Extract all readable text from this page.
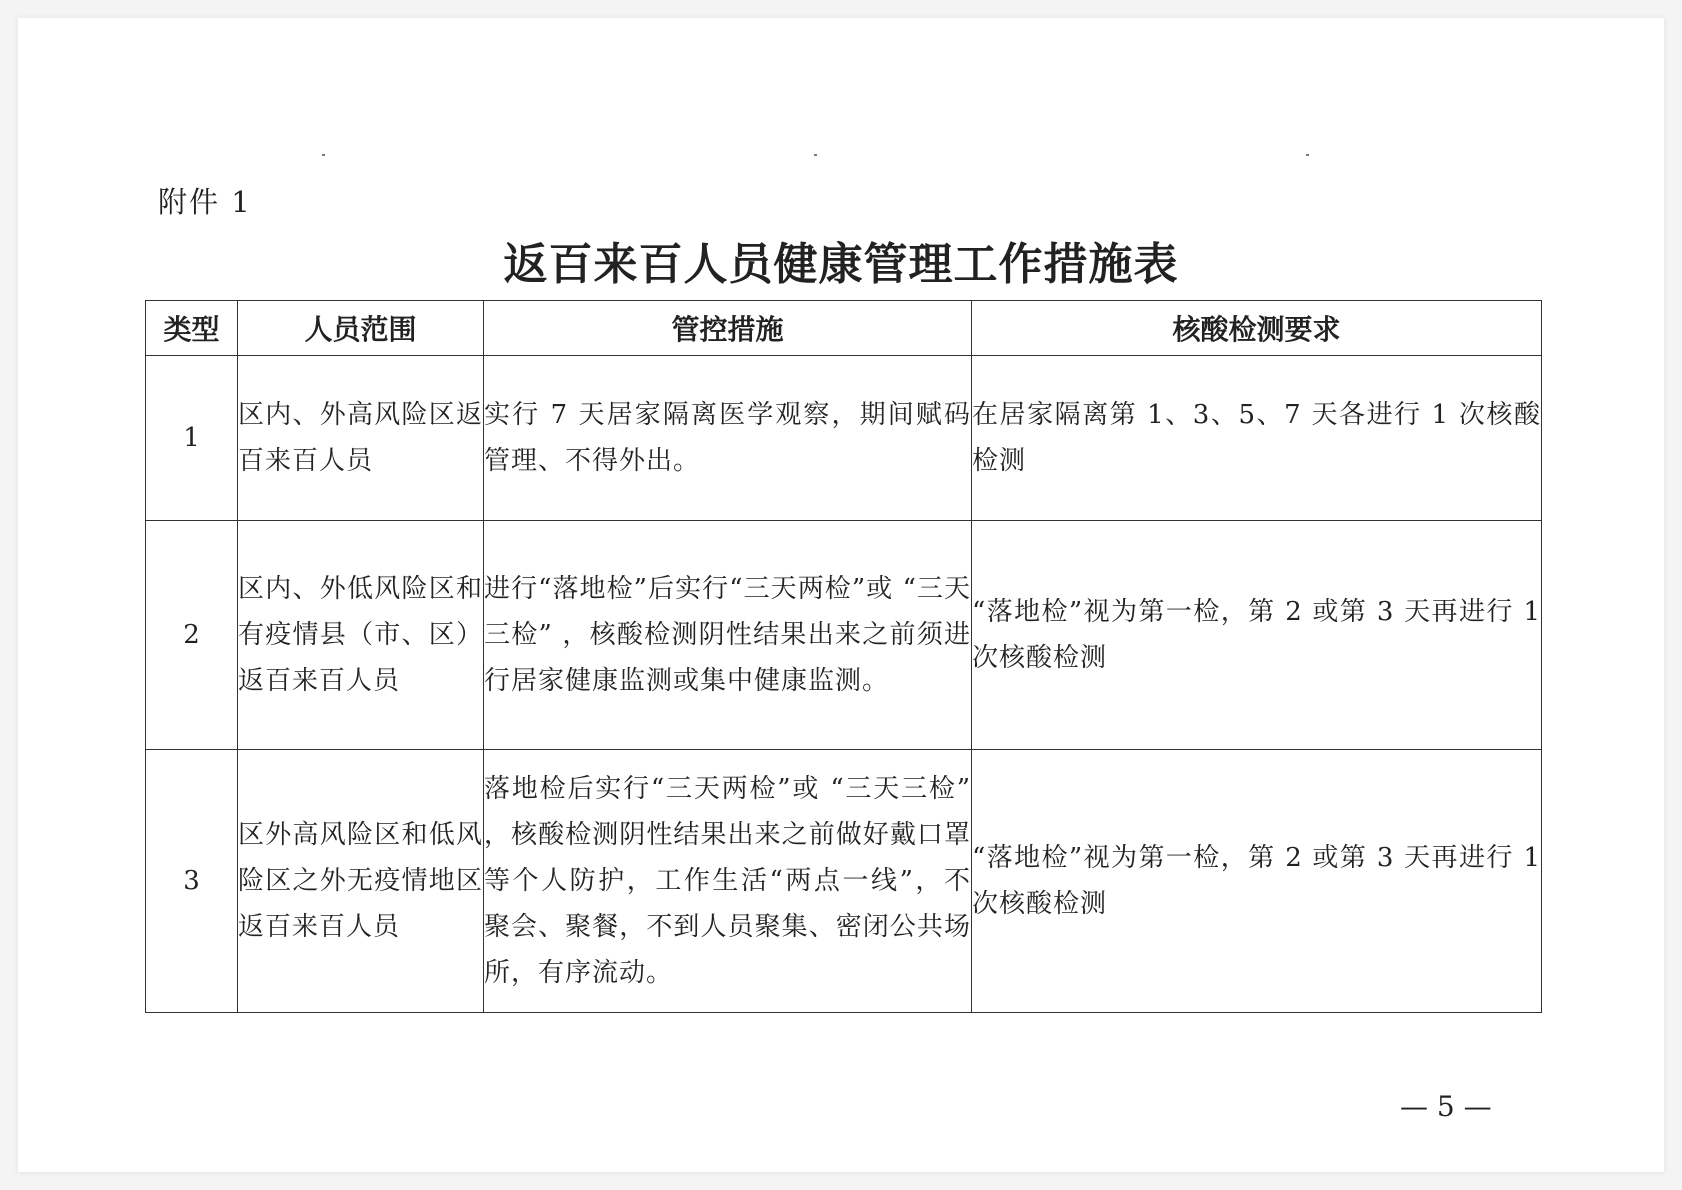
附件 1
返百来百人员健康管理工作措施表
类型	人员范围	管控措施	核酸检测要求
1	区内、外高风险区返百来百人员	实行 7 天居家隔离医学观察，期间赋码管理、不得外出。	在居家隔离第 1、3、5、7 天各进行 1 次核酸检测
2	区内、外低风险区和有疫情县（市、区）返百来百人员	进行“落地检”后实行“三天两检”或 “三天三检” ，核酸检测阴性结果出来之前须进行居家健康监测或集中健康监测。	“落地检”视为第一检，第 2 或第 3 天再进行 1 次核酸检测
3	区外高风险区和低风险区之外无疫情地区返百来百人员	落地检后实行“三天两检”或 “三天三检” ，核酸检测阴性结果出来之前做好戴口罩等个人防护，工作生活“两点一线”，不聚会、聚餐，不到人员聚集、密闭公共场所，有序流动。	“落地检”视为第一检，第 2 或第 3 天再进行 1 次核酸检测
— 5 —
